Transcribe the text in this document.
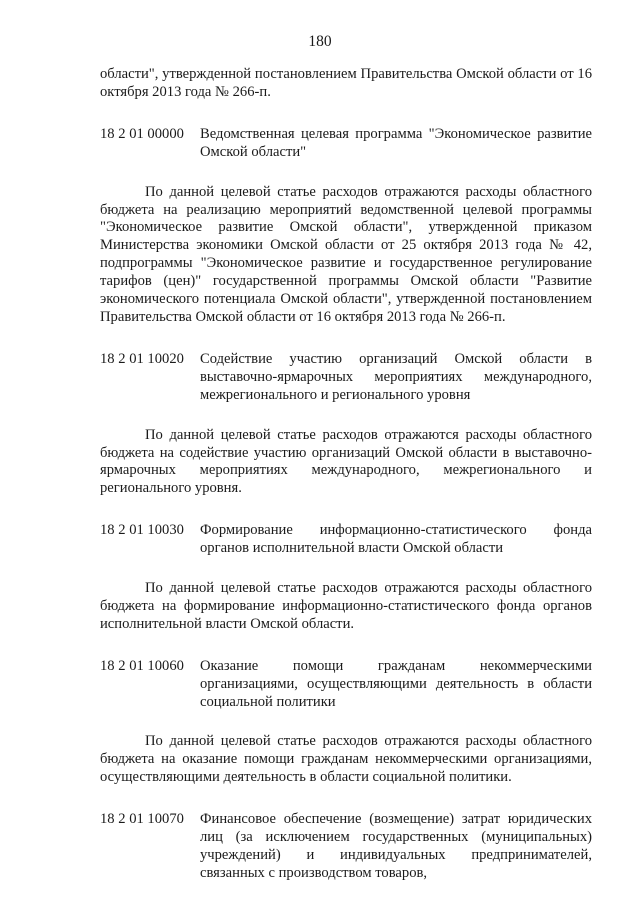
180

области", утвержденной постановлением Правительства Омской области от 16 октября 2013 года № 266-п.

18 2 01 00000 Ведомственная целевая программа "Экономическое развитие Омской области"

По данной целевой статье расходов отражаются расходы областного бюджета на реализацию мероприятий ведомственной целевой программы "Экономическое развитие Омской области", утвержденной приказом Министерства экономики Омской области от 25 октября 2013 года № 42, подпрограммы "Экономическое развитие и государственное регулирование тарифов (цен)" государственной программы Омской области "Развитие экономического потенциала Омской области", утвержденной постановлением Правительства Омской области от 16 октября 2013 года № 266-п.

18 2 01 10020 Содействие участию организаций Омской области в выставочно-ярмарочных мероприятиях международного, межрегионального и регионального уровня

По данной целевой статье расходов отражаются расходы областного бюджета на содействие участию организаций Омской области в выставочно-ярмарочных мероприятиях международного, межрегионального и регионального уровня.

18 2 01 10030 Формирование информационно-статистического фонда органов исполнительной власти Омской области

По данной целевой статье расходов отражаются расходы областного бюджета на формирование информационно-статистического фонда органов исполнительной власти Омской области.

18 2 01 10060 Оказание помощи гражданам некоммерческими организациями, осуществляющими деятельность в области социальной политики

По данной целевой статье расходов отражаются расходы областного бюджета на оказание помощи гражданам некоммерческими организациями, осуществляющими деятельность в области социальной политики.

18 2 01 10070 Финансовое обеспечение (возмещение) затрат юридических лиц (за исключением государственных (муниципальных) учреждений) и индивидуальных предпринимателей, связанных с производством товаров,
